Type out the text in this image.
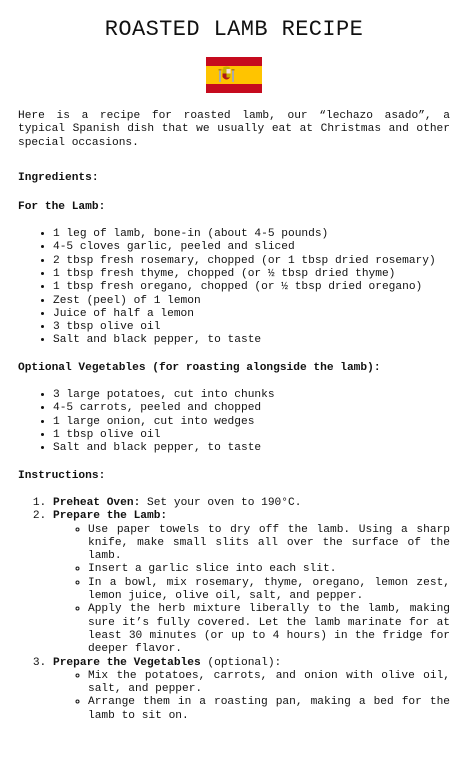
ROASTED LAMB RECIPE

Here is a recipe for roasted lamb, our “lechazo asado”, a typical Spanish dish that we usually eat at Christmas and other special occasions.

Ingredients:
For the Lamb:
• 1 leg of lamb, bone-in (about 4-5 pounds)
• 4-5 cloves garlic, peeled and sliced
• 2 tbsp fresh rosemary, chopped (or 1 tbsp dried rosemary)
• 1 tbsp fresh thyme, chopped (or ½ tbsp dried thyme)
• 1 tbsp fresh oregano, chopped (or ½ tbsp dried oregano)
• Zest (peel) of 1 lemon
• Juice of half a lemon
• 3 tbsp olive oil
• Salt and black pepper, to taste
Optional Vegetables (for roasting alongside the lamb):
• 3 large potatoes, cut into chunks
• 4-5 carrots, peeled and chopped
• 1 large onion, cut into wedges
• 1 tbsp olive oil
• Salt and black pepper, to taste
Instructions:
1. Preheat Oven: Set your oven to 190°C.
2. Prepare the Lamb:
◦ Use paper towels to dry off the lamb. Using a sharp knife, make small slits all over the surface of the lamb.
◦ Insert a garlic slice into each slit.
◦ In a bowl, mix rosemary, thyme, oregano, lemon zest, lemon juice, olive oil, salt, and pepper.
◦ Apply the herb mixture liberally to the lamb, making sure it’s fully covered. Let the lamb marinate for at least 30 minutes (or up to 4 hours) in the fridge for deeper flavor.
3. Prepare the Vegetables (optional):
◦ Mix the potatoes, carrots, and onion with olive oil, salt, and pepper.
◦ Arrange them in a roasting pan, making a bed for the lamb to sit on.
